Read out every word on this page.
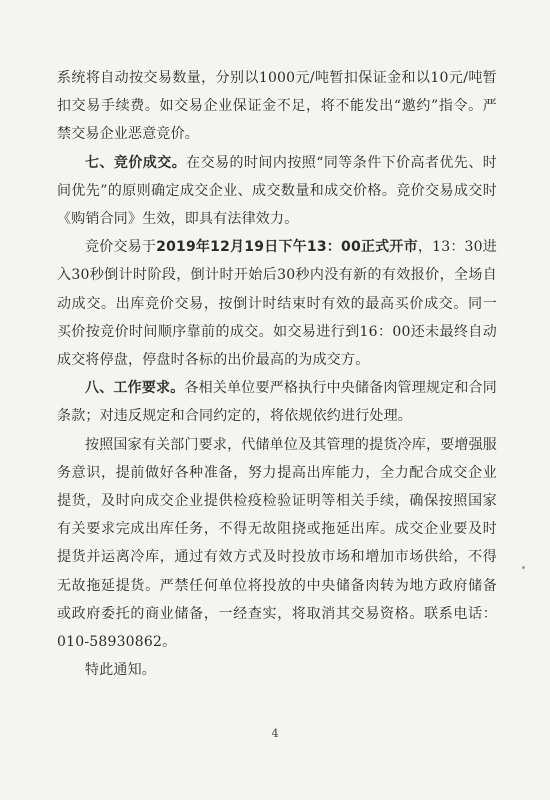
系统将自动按交易数量，分别以1000元/吨暂扣保证金和以10元/吨暂扣交易手续费。如交易企业保证金不足，将不能发出“邀约”指令。严禁交易企业恶意竞价。

七、竞价成交。在交易的时间内按照“同等条件下价高者优先、时间优先”的原则确定成交企业、成交数量和成交价格。竞价交易成交时《购销合同》生效，即具有法律效力。

竞价交易于2019年12月19日下午13：00正式开市，13：30进入30秒倒计时阶段，倒计时开始后30秒内没有新的有效报价，全场自动成交。出库竞价交易，按倒计时结束时有效的最高买价成交。同一买价按竞价时间顺序靠前的成交。如交易进行到16：00还未最终自动成交将停盘，停盘时各标的出价最高的为成交方。

八、工作要求。各相关单位要严格执行中央储备肉管理规定和合同条款；对违反规定和合同约定的，将依规依约进行处理。

按照国家有关部门要求，代储单位及其管理的提货冷库，要增强服务意识，提前做好各种准备，努力提高出库能力，全力配合成交企业提货，及时向成交企业提供检疫检验证明等相关手续，确保按照国家有关要求完成出库任务，不得无故阻挠或拖延出库。成交企业要及时提货并运离冷库，通过有效方式及时投放市场和增加市场供给，不得无故拖延提货。严禁任何单位将投放的中央储备肉转为地方政府储备或政府委托的商业储备，一经查实，将取消其交易资格。联系电话：010-58930862。

特此通知。

4
